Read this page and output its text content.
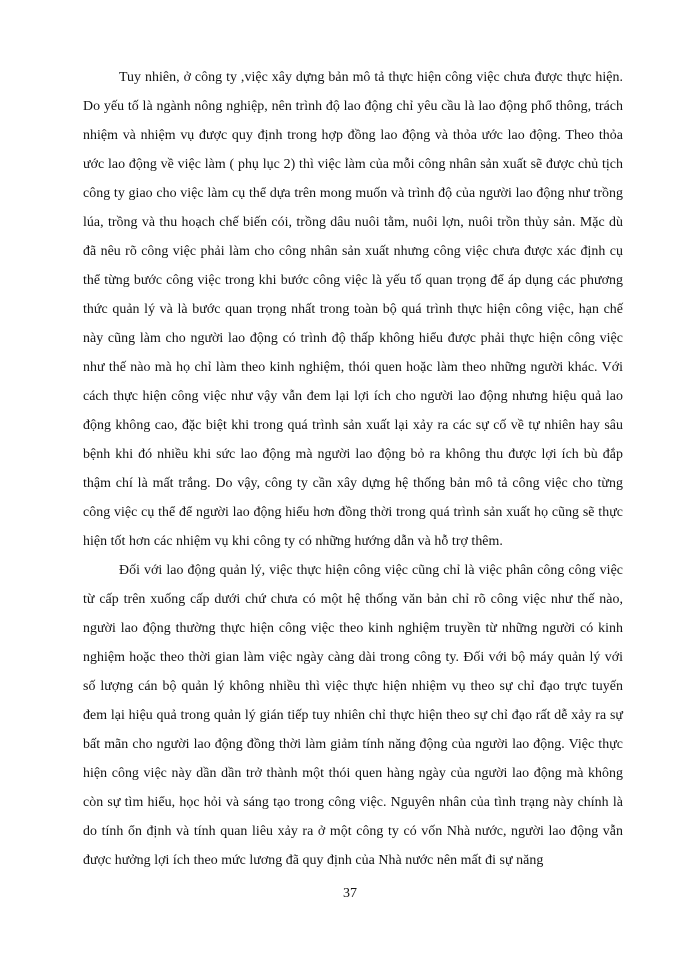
Tuy nhiên, ở công ty ,việc xây dựng bản mô tả thực hiện công việc chưa được thực hiện. Do yếu tố là ngành nông nghiệp, nên trình độ lao động chỉ yêu cầu là lao động phổ thông, trách nhiệm và nhiệm vụ được quy định trong hợp đồng lao động và thỏa ước lao động. Theo thỏa ước lao động về việc làm ( phụ lục 2) thì việc làm của mỗi công nhân sản xuất sẽ được chủ tịch công ty giao cho việc làm cụ thể dựa trên mong muốn và trình độ của người lao động như trồng lúa, trồng và thu hoạch chế biến cói, trồng dâu nuôi tằm, nuôi lợn, nuôi trồn thủy sản. Mặc dù đã nêu rõ công việc phải làm cho công nhân sản xuất nhưng công việc chưa được xác định cụ thể từng bước công việc trong khi bước công việc là yếu tố quan trọng để áp dụng các phương thức quản lý và là bước quan trọng nhất trong toàn bộ quá trình thực hiện công việc, hạn chế này cũng làm cho người lao động có trình độ thấp không hiểu được phải thực hiện công việc như thế nào mà họ chỉ làm theo kinh nghiệm, thói quen hoặc làm theo những người khác. Với cách thực hiện công việc như vậy vẫn đem lại lợi ích cho người lao động nhưng hiệu quả lao động không cao, đặc biệt khi trong quá trình sản xuất lại xảy ra các sự cố về tự nhiên hay sâu bệnh khi đó nhiều khi sức lao động mà người lao động bỏ ra không thu được lợi ích bù đắp thậm chí là mất trắng. Do vậy, công ty cần xây dựng hệ thống bản mô tả công việc cho từng công việc cụ thể để người lao động hiểu hơn đồng thời trong quá trình sản xuất họ cũng sẽ thực hiện tốt hơn các nhiệm vụ khi công ty có những hướng dẫn và hỗ trợ thêm.

Đối với lao động quản lý, việc thực hiện công việc cũng chỉ là việc phân công công việc từ cấp trên xuống cấp dưới chứ chưa có một hệ thống văn bản chỉ rõ công việc như thế nào, người lao động thường thực hiện công việc theo kinh nghiệm truyền từ những người có kinh nghiệm hoặc theo thời gian làm việc ngày càng dài trong công ty. Đối với bộ máy quản lý với số lượng cán bộ quản lý không nhiều thì việc thực hiện nhiệm vụ theo sự chỉ đạo trực tuyến đem lại hiệu quả trong quản lý gián tiếp tuy nhiên chỉ thực hiện theo sự chỉ đạo rất dễ xảy ra sự bất mãn cho người lao động đồng thời làm giảm tính năng động của người lao động. Việc thực hiện công việc này dần dần trở thành một thói quen hàng ngày của người lao động mà không còn sự tìm hiểu, học hỏi và sáng tạo trong công việc. Nguyên nhân của tình trạng này chính là do tính ổn định và tính quan liêu xảy ra ở một công ty có vốn Nhà nước, người lao động vẫn được hưởng lợi ích theo mức lương đã quy định của Nhà nước nên mất đi sự năng

37
